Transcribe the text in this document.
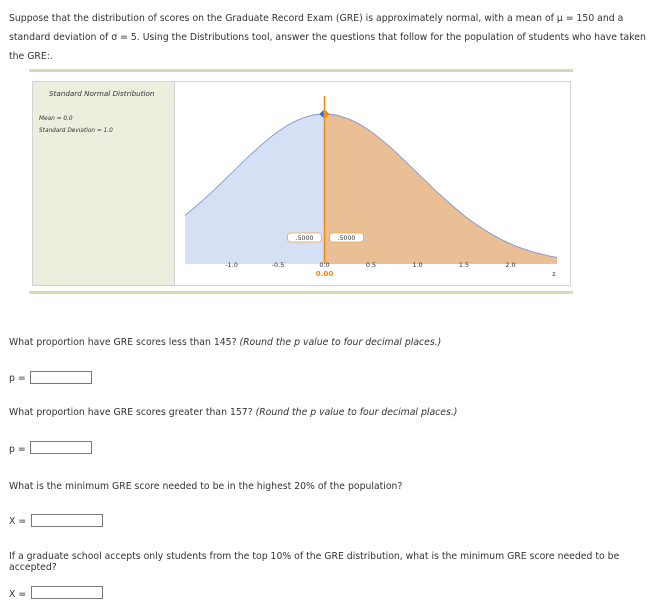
Suppose that the distribution of scores on the Graduate Record Exam (GRE) is approximately normal, with a mean of μ = 150 and a standard deviation of σ = 5. Using the Distributions tool, answer the questions that follow for the population of students who have taken the GRE:.

Standard Normal Distribution
Mean = 0.0
Standard Deviation = 1.0
.5000	.5000
-1.0	-0.5	0.0	0.5	1.0	1.5	2.0
0.00	z

What proportion have GRE scores less than 145? (Round the p value to four decimal places.)

p =

What proportion have GRE scores greater than 157? (Round the p value to four decimal places.)

p =

What is the minimum GRE score needed to be in the highest 20% of the population?

X =

If a graduate school accepts only students from the top 10% of the GRE distribution, what is the minimum GRE score needed to be accepted?

X =
